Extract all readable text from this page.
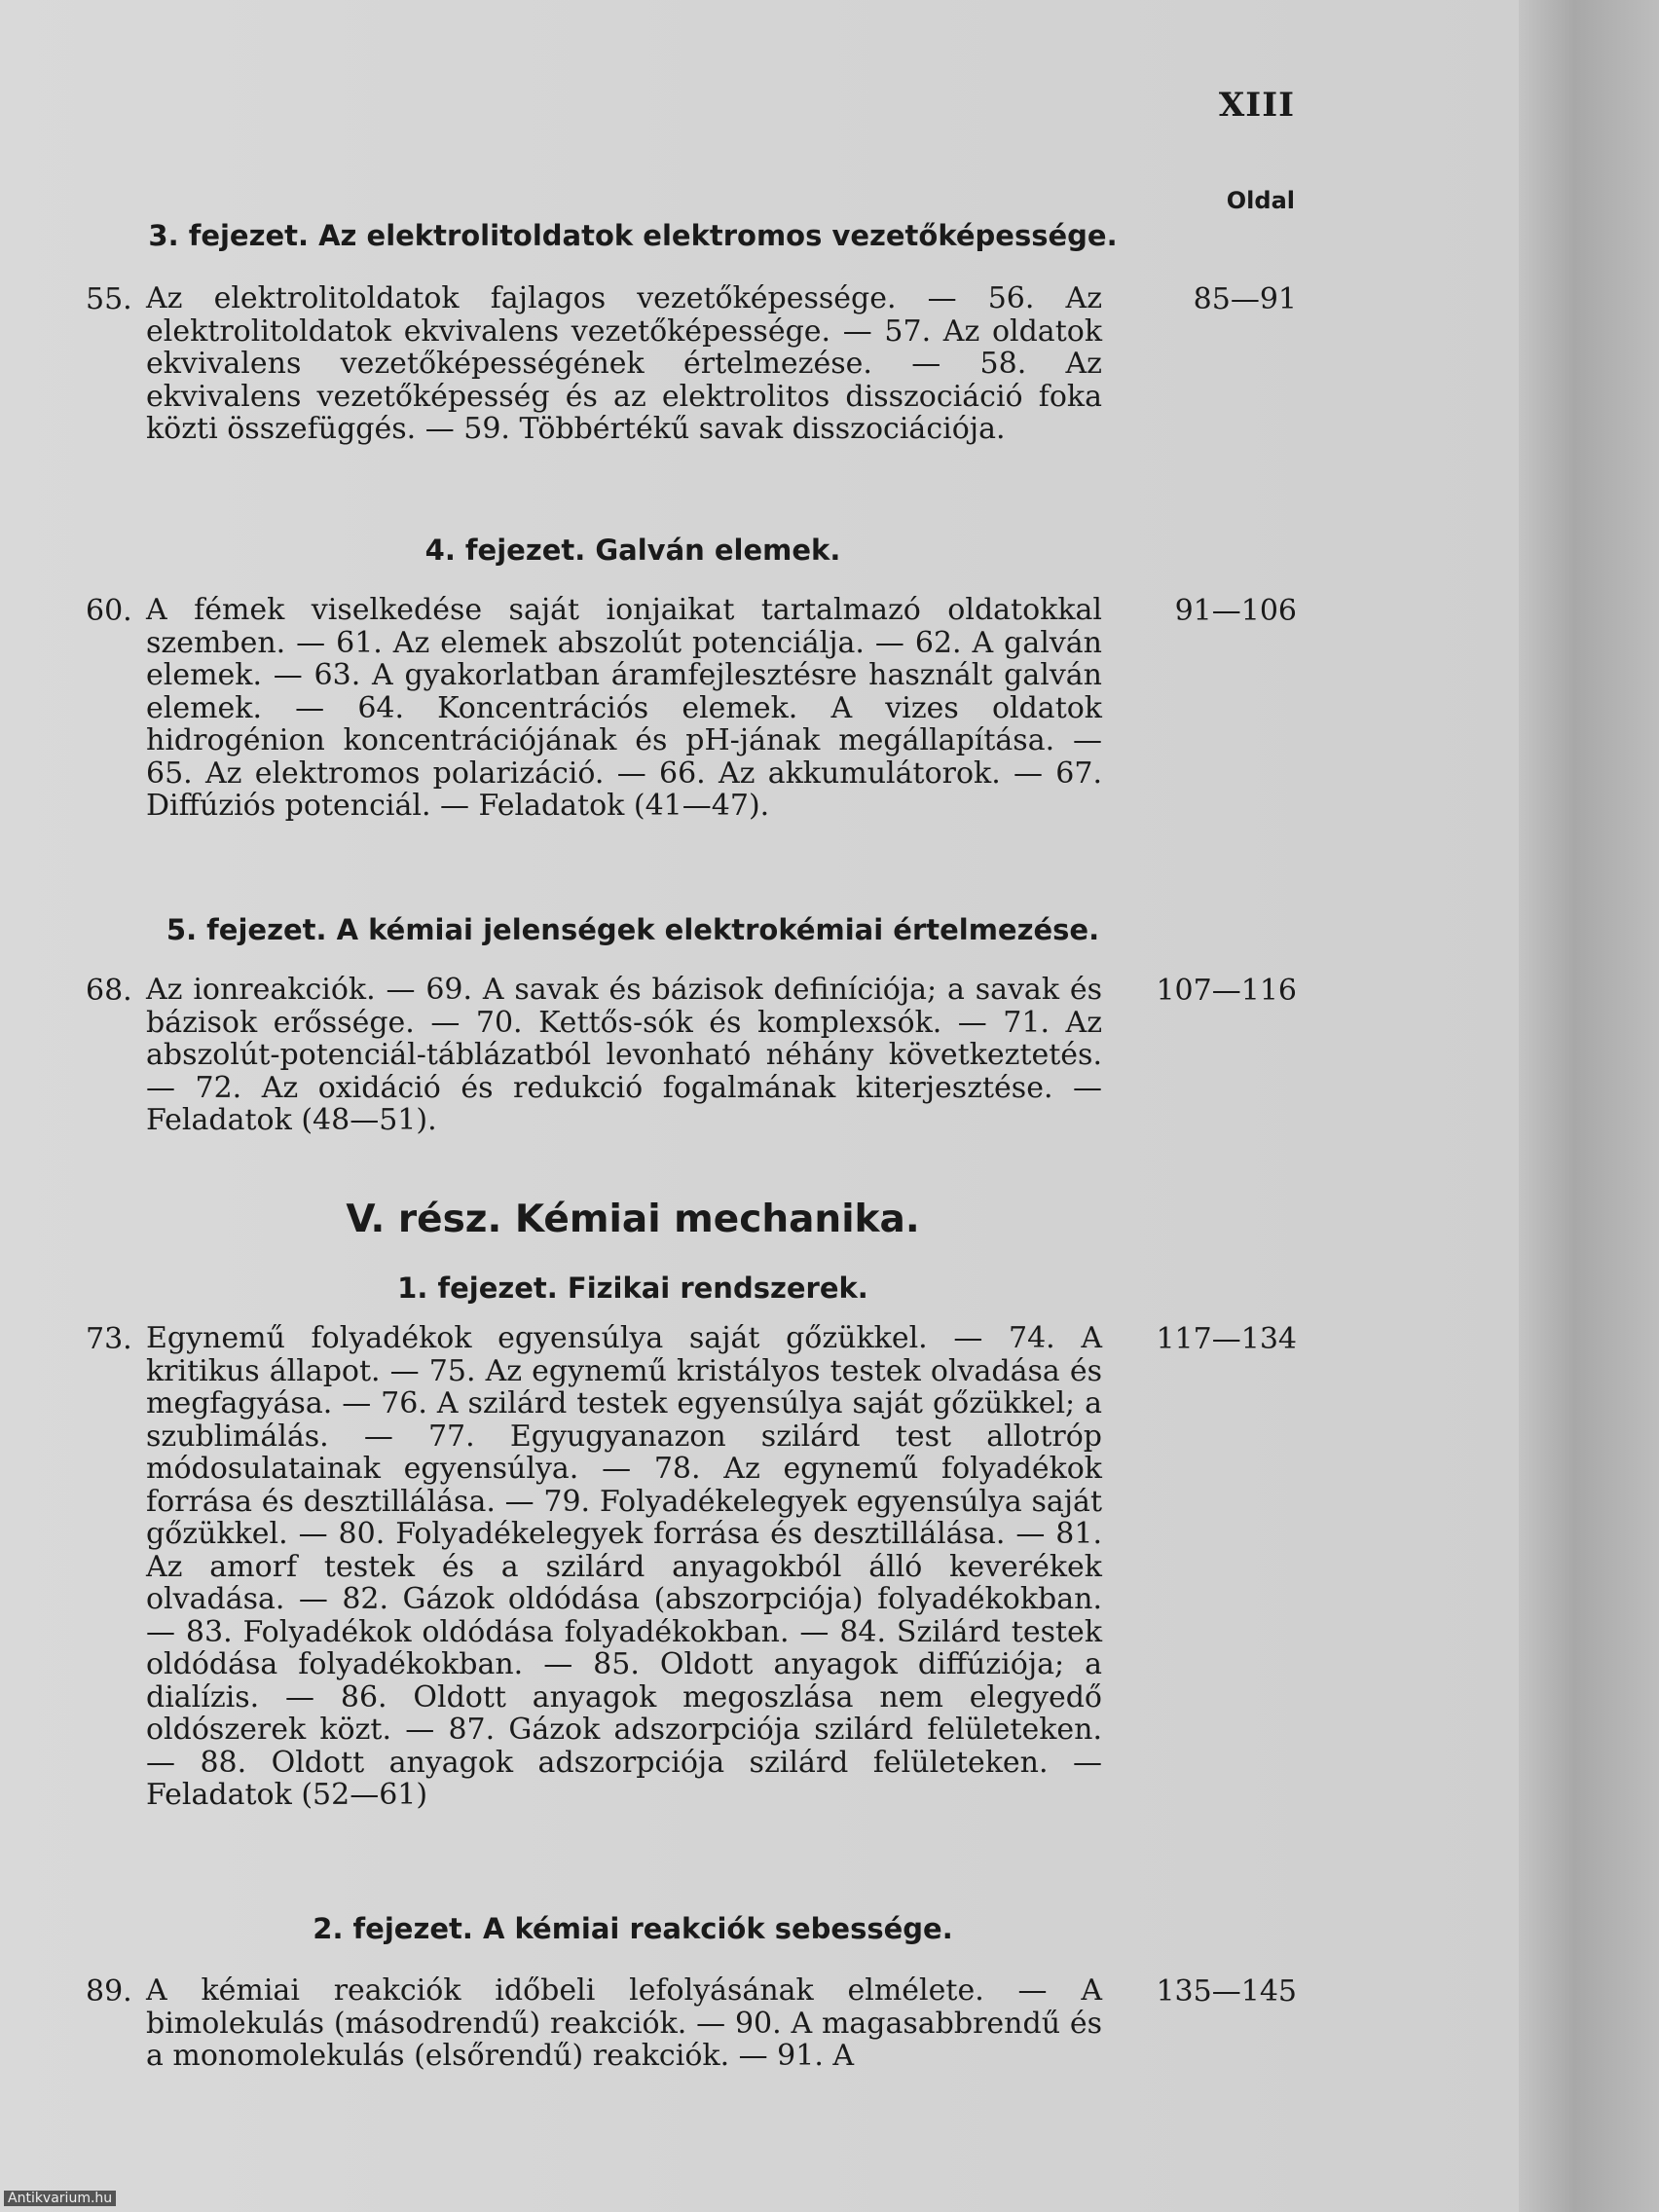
XIII
Oldal
3. fejezet. Az elektrolitoldatok elektromos vezetőképessége.
55. Az elektrolitoldatok fajlagos vezetőképessége. — 56. Az elektrolitoldatok ekvivalens vezetőképessége. — 57. Az oldatok ekvivalens vezetőképességének értelmezése. — 58. Az ekvivalens vezetőképesség és az elektrolitos disszociáció foka közti összefüggés. — 59. Többértékű savak disszociációja.

85—91
4. fejezet. Galván elemek.
60. A fémek viselkedése saját ionjaikat tartalmazó oldatokkal szemben. — 61. Az elemek abszolút potenciálja. — 62. A galván elemek. — 63. A gyakorlatban áramfejlesztésre használt galván elemek. — 64. Koncentrációs elemek. A vizes oldatok hidrogénion koncentrációjának és pH-jának megállapítása. — 65. Az elektromos polarizáció. — 66. Az akkumulátorok. — 67. Diffúziós potenciál. — Feladatok (41—47).

91—106
5. fejezet. A kémiai jelenségek elektrokémiai értelmezése.
68. Az ionreakciók. — 69. A savak és bázisok definíciója; a savak és bázisok erőssége. — 70. Kettős-sók és komplexsók. — 71. Az abszolút-potenciál-táblázatból levonható néhány következtetés. — 72. Az oxidáció és redukció fogalmának kiterjesztése. — Feladatok (48—51).

107—116
V. rész. Kémiai mechanika.
1. fejezet. Fizikai rendszerek.
73. Egynemű folyadékok egyensúlya saját gőzükkel. — 74. A kritikus állapot. — 75. Az egynemű kristályos testek olvadása és megfagyása. — 76. A szilárd testek egyensúlya saját gőzükkel; a szublimálás. — 77. Egyugyanazon szilárd test allotróp módosulatainak egyensúlya. — 78. Az egynemű folyadékok forrása és desztillálása. — 79. Folyadékelegyek egyensúlya saját gőzükkel. — 80. Folyadékelegyek forrása és desztillálása. — 81. Az amorf testek és a szilárd anyagokból álló keverékek olvadása. — 82. Gázok oldódása (abszorpciója) folyadékokban. — 83. Folyadékok oldódása folyadékokban. — 84. Szilárd testek oldódása folyadékokban. — 85. Oldott anyagok diffúziója; a dialízis. — 86. Oldott anyagok megoszlása nem elegyedő oldószerek közt. — 87. Gázok adszorpciója szilárd felületeken. — 88. Oldott anyagok adszorpciója szilárd felületeken. — Feladatok (52—61)

117—134
2. fejezet. A kémiai reakciók sebessége.
89. A kémiai reakciók időbeli lefolyásának elmélete. — A bimolekulás (másodrendű) reakciók. — 90. A magasabbrendű és a monomolekulás (elsőrendű) reakciók. — 91. A

135—145
Antikvarium.hu
